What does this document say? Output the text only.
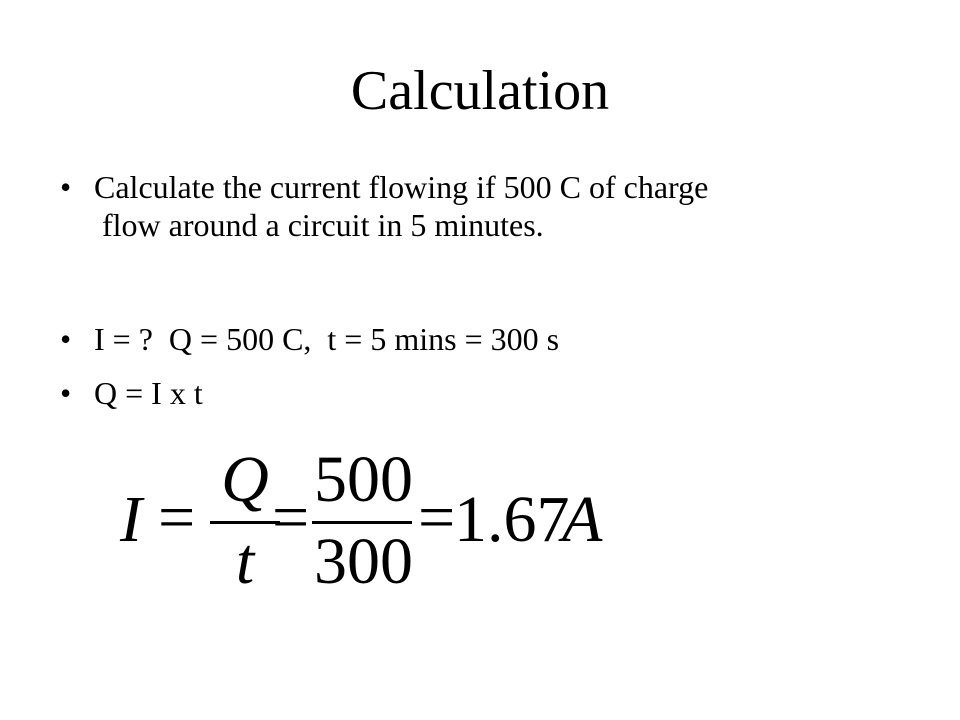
Calculation
• Calculate the current flowing if 500 C of charge
flow around a circuit in 5 minutes.
• I = ?  Q = 500 C,  t = 5 mins = 300 s
• Q = I x t
I =
Q
t
=
500
300
=
1.67
A
